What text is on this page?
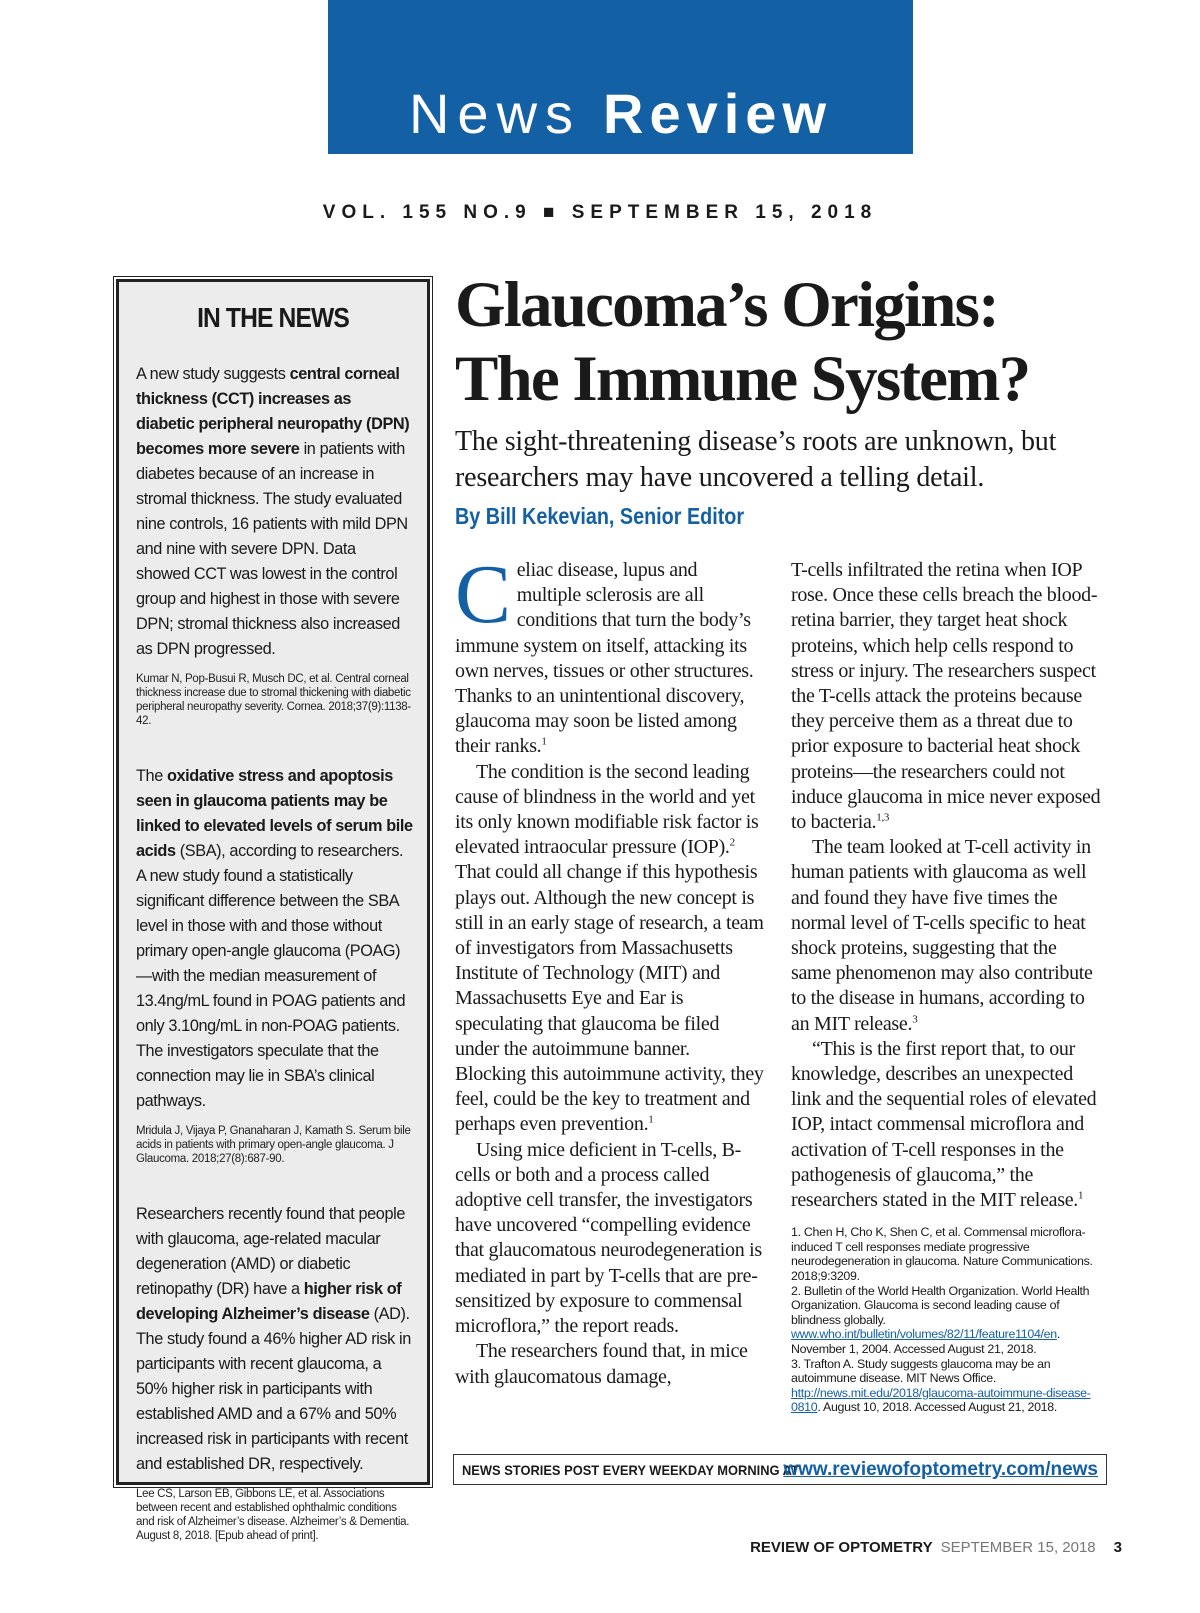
News Review
VOL. 155 NO.9 ■ SEPTEMBER 15, 2018
IN THE NEWS
A new study suggests central corneal thickness (CCT) increases as diabetic peripheral neuropathy (DPN) becomes more severe in patients with diabetes because of an increase in stromal thickness. The study evaluated nine controls, 16 patients with mild DPN and nine with severe DPN. Data showed CCT was lowest in the control group and highest in those with severe DPN; stromal thickness also increased as DPN progressed.
Kumar N, Pop-Busui R, Musch DC, et al. Central corneal thickness increase due to stromal thickening with diabetic peripheral neuropathy severity. Cornea. 2018;37(9):1138-42.
The oxidative stress and apoptosis seen in glaucoma patients may be linked to elevated levels of serum bile acids (SBA), according to researchers. A new study found a statistically significant difference between the SBA level in those with and those without primary open-angle glaucoma (POAG)—with the median measurement of 13.4ng/mL found in POAG patients and only 3.10ng/mL in non-POAG patients. The investigators speculate that the connection may lie in SBA’s clinical pathways.
Mridula J, Vijaya P, Gnanaharan J, Kamath S. Serum bile acids in patients with primary open-angle glaucoma. J Glaucoma. 2018;27(8):687-90.
Researchers recently found that people with glaucoma, age-related macular degeneration (AMD) or diabetic retinopathy (DR) have a higher risk of developing Alzheimer’s disease (AD). The study found a 46% higher AD risk in participants with recent glaucoma, a 50% higher risk in participants with established AMD and a 67% and 50% increased risk in participants with recent and established DR, respectively.
Lee CS, Larson EB, Gibbons LE, et al. Associations between recent and established ophthalmic conditions and risk of Alzheimer’s disease. Alzheimer’s & Dementia. August 8, 2018. [Epub ahead of print].
Glaucoma’s Origins:
The Immune System?
The sight-threatening disease’s roots are unknown, but researchers may have uncovered a telling detail.
By Bill Kekevian, Senior Editor

Celiac disease, lupus and multiple sclerosis are all conditions that turn the body’s immune system on itself, attacking its own nerves, tissues or other structures. Thanks to an unintentional discovery, glaucoma may soon be listed among their ranks.$^1$

The condition is the second leading cause of blindness in the world and yet its only known modifiable risk factor is elevated intraocular pressure (IOP).$^2$ That could all change if this hypothesis plays out. Although the new concept is still in an early stage of research, a team of investigators from Massachusetts Institute of Technology (MIT) and Massachusetts Eye and Ear is speculating that glaucoma be filed under the autoimmune banner. Blocking this autoimmune activity, they feel, could be the key to treatment and perhaps even prevention.$^1$

Using mice deficient in T-cells, B-cells or both and a process called adoptive cell transfer, the investigators have uncovered “compelling evidence that glaucomatous neurodegeneration is mediated in part by T-cells that are pre-sensitized by exposure to commensal microflora,” the report reads.

The researchers found that, in mice with glaucomatous damage,

T-cells infiltrated the retina when IOP rose. Once these cells breach the blood-retina barrier, they target heat shock proteins, which help cells respond to stress or injury. The researchers suspect the T-cells attack the proteins because they perceive them as a threat due to prior exposure to bacterial heat shock proteins—the researchers could not induce glaucoma in mice never exposed to bacteria.$^{1,3}$

The team looked at T-cell activity in human patients with glaucoma as well and found they have five times the normal level of T-cells specific to heat shock proteins, suggesting that the same phenomenon may also contribute to the disease in humans, according to an MIT release.$^3$

“This is the first report that, to our knowledge, describes an unexpected link and the sequential roles of elevated IOP, intact commensal microflora and activation of T-cell responses in the pathogenesis of glaucoma,” the researchers stated in the MIT release.$^1$

1. Chen H, Cho K, Shen C, et al. Commensal microflora-induced T cell responses mediate progressive neurodegeneration in glaucoma. Nature Communications. 2018;9:3209.
2. Bulletin of the World Health Organization. World Health Organization. Glaucoma is second leading cause of blindness globally. www.who.int/bulletin/volumes/82/11/feature1104/en. November 1, 2004. Accessed August 21, 2018.
3. Trafton A. Study suggests glaucoma may be an autoimmune disease. MIT News Office. http://news.mit.edu/2018/glaucoma-autoimmune-disease-0810. August 10, 2018. Accessed August 21, 2018.
NEWS STORIES POST EVERY WEEKDAY MORNING AT
www.reviewofoptometry.com/news
REVIEW OF OPTOMETRY SEPTEMBER 15, 2018 3
